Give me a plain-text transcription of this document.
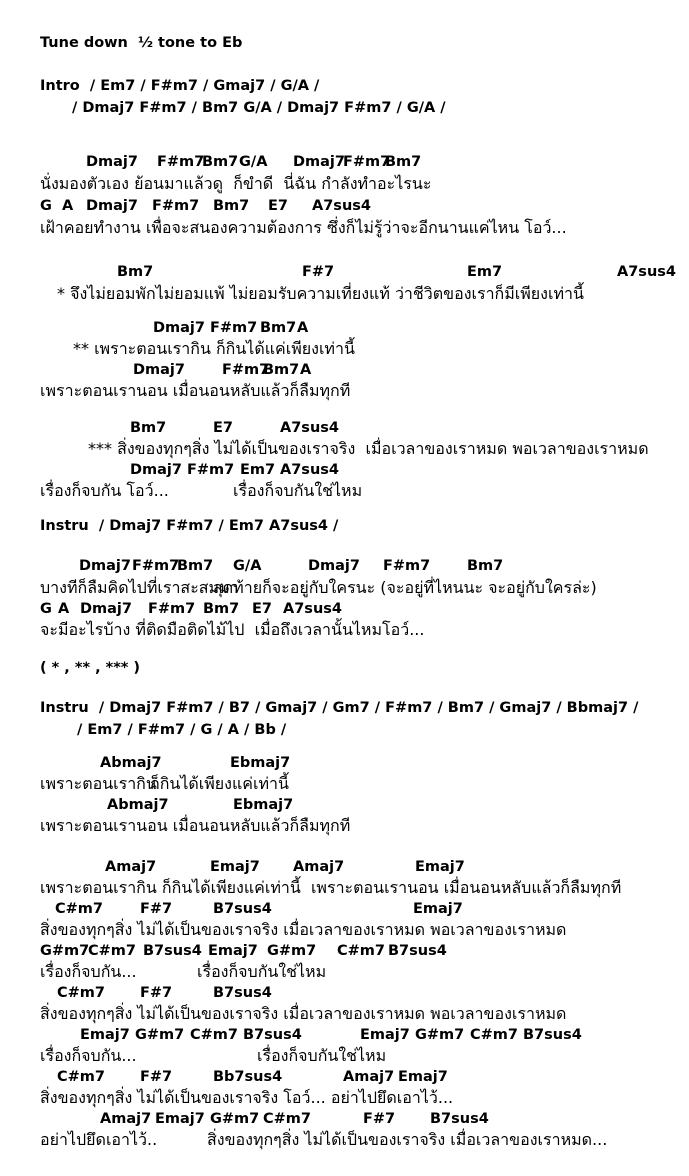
Tune down  ½ tone to Eb
Intro  / Em7 / F#m7 / Gmaj7 / G/A /
/ Dmaj7 F#m7 / Bm7 G/A / Dmaj7 F#m7 / G/A /
Dmaj7 F#m7
Bm7 G/A Dmaj7
F#m7
Bm7
นั่งมองตัวเอง ย้อนมาแล้วดู  ก็ขำดี  นี่ฉัน กำลังทำอะไรนะ
G A Dmaj7 F#m7 Bm7 E7 A7sus4
เฝ้าคอยทำงาน เพื่อจะสนองความต้องการ ซึ่งก็ไม่รู้ว่าจะอีกนานแค่ไหน โอว์...
Bm7	F#7	Em7	A7sus4
* จึงไม่ยอมพักไม่ยอมแพ้ ไม่ยอมรับความเที่ยงแท้ ว่าชีวิตของเราก็มีเพียงเท่านี้
Dmaj7 F#m7 Bm7 A
** เพราะตอนเรากิน ก็กินได้แค่เพียงเท่านี้
Dmaj7	F#m7
Bm7 A
เพราะตอนเรานอน เมื่อนอนหลับแล้วก็ลืมทุกที
Bm7	E7	A7sus4
*** สิ่งของทุกๆสิ่ง ไม่ได้เป็นของเราจริง  เมื่อเวลาของเราหมด พอเวลาของเราหมด
Dmaj7 F#m7 Em7 A7sus4
เรื่องก็จบกัน โอว์...	เรื่องก็จบกันใช่ไหม
Instru  / Dmaj7 F#m7 / Em7 A7sus4 /
Dmaj7 F#m7
Bm7 G/A	Dmaj7 F#m7	Bm7
บางทีก็ลืมคิดไปที่เราสะสมมา
สุดท้ายก็จะอยู่กับใครนะ (จะอยู่ที่ไหนนะ จะอยู่กับใครล่ะ)
G A Dmaj7 F#m7 Bm7 E7 A7sus4
จะมีอะไรบ้าง ที่ติดมือติดไม้ไป  เมื่อถึงเวลานั้นไหมโอว์...
( * , ** , *** )
Instru  / Dmaj7 F#m7 / B7 / Gmaj7 / Gm7 / F#m7 / Bm7 / Gmaj7 / Bbmaj7 /
/ Em7 / F#m7 / G / A / Bb /
Abmaj7	Ebmaj7
เพราะตอนเรากิน
ก็กินได้เพียงแค่เท่านี้
Abmaj7	Ebmaj7
เพราะตอนเรานอน เมื่อนอนหลับแล้วก็ลืมทุกที
Amaj7	Emaj7 Amaj7	Emaj7
เพราะตอนเรากิน ก็กินได้เพียงแค่เท่านี้  เพราะตอนเรานอน เมื่อนอนหลับแล้วก็ลืมทุกที
C#m7	F#7	B7sus4	Emaj7
สิ่งของทุกๆสิ่ง ไม่ได้เป็นของเราจริง เมื่อเวลาของเราหมด พอเวลาของเราหมด
G#m7
C#m7 B7sus4 Emaj7 G#m7 C#m7 B7sus4
เรื่องก็จบกัน...	เรื่องก็จบกันใช่ไหม
C#m7 F#7	B7sus4
สิ่งของทุกๆสิ่ง ไม่ได้เป็นของเราจริง เมื่อเวลาของเราหมด พอเวลาของเราหมด
Emaj7 G#m7 C#m7 B7sus4	Emaj7 G#m7 C#m7 B7sus4
เรื่องก็จบกัน...	เรื่องก็จบกันใช่ไหม
C#m7 F#7	Bb7sus4	Amaj7 Emaj7
สิ่งของทุกๆสิ่ง ไม่ได้เป็นของเราจริง โอว์... อย่าไปยึดเอาไว้...
Amaj7 Emaj7 G#m7 C#m7	F#7 B7sus4
อย่าไปยึดเอาไว้..	สิ่งของทุกๆสิ่ง ไม่ได้เป็นของเราจริง เมื่อเวลาของเราหมด...
